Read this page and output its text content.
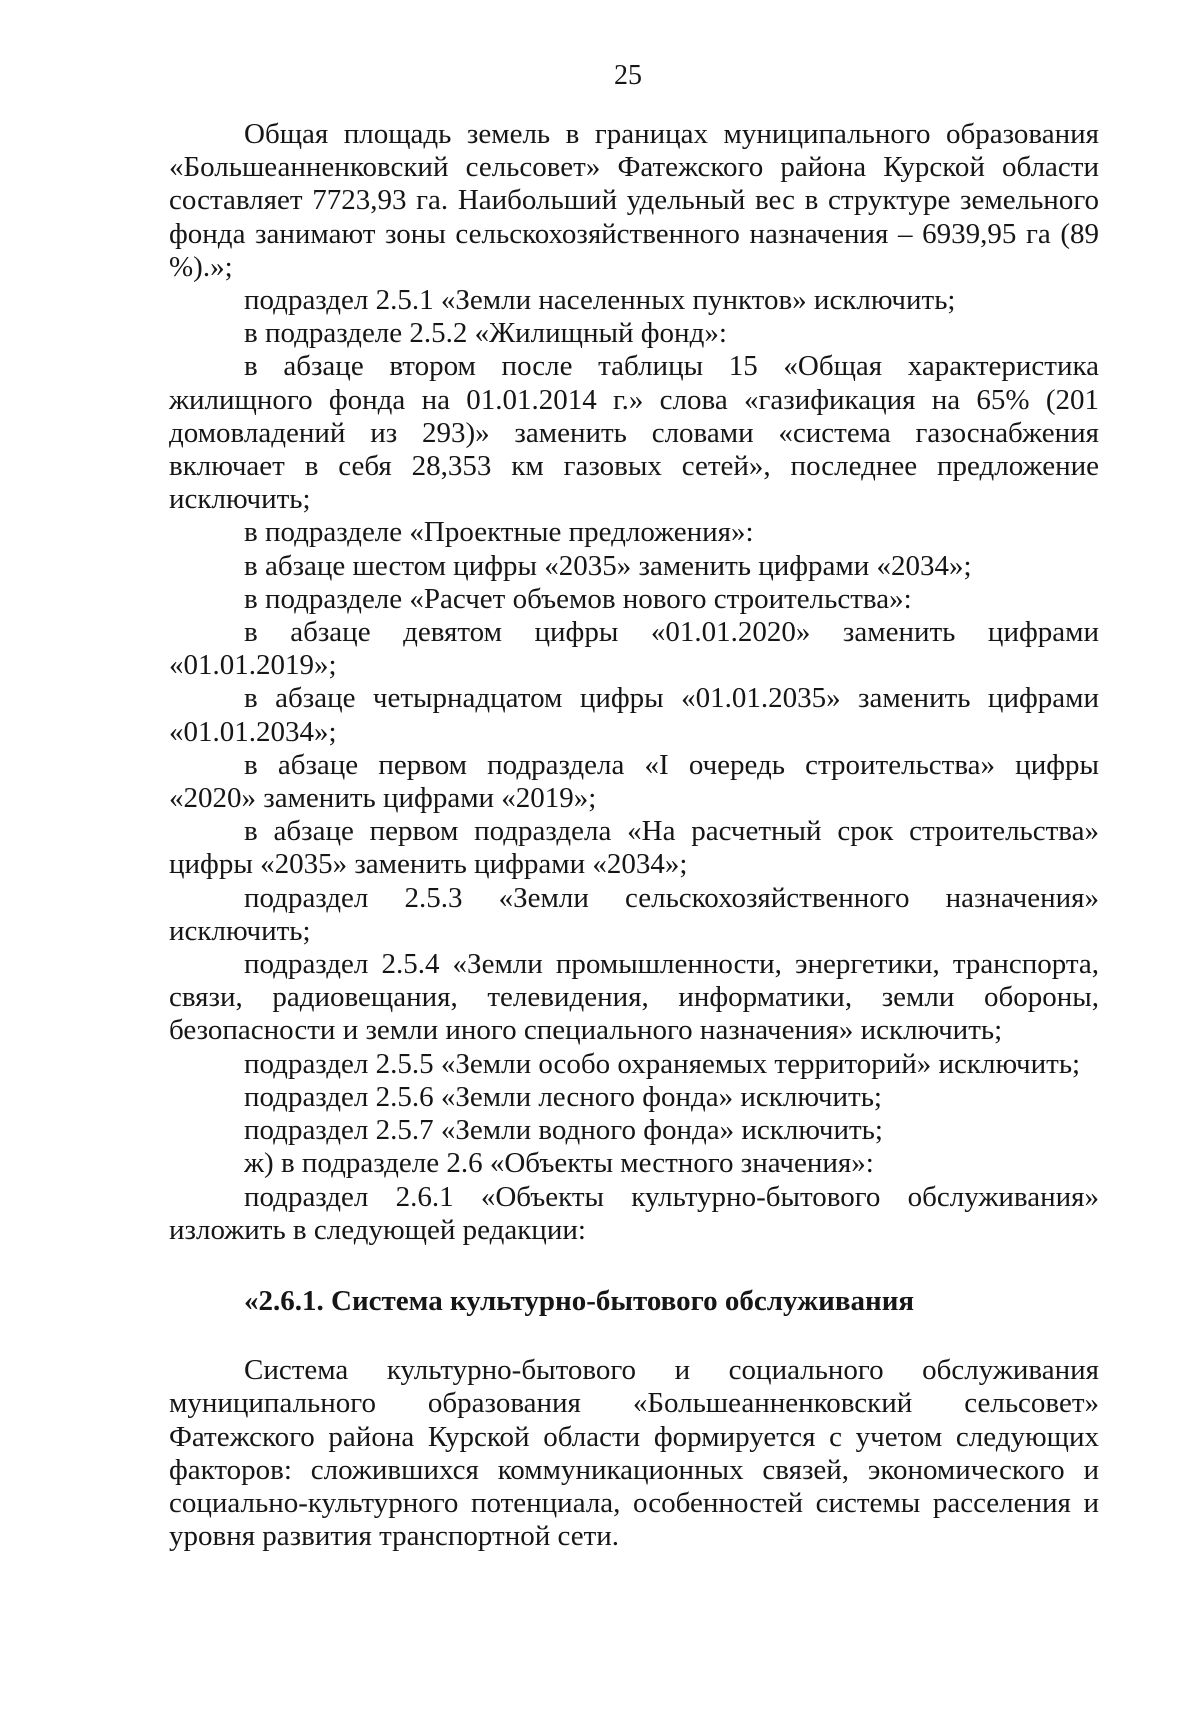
25

Общая площадь земель в границах муниципального образования «Большеанненковский сельсовет» Фатежского района Курской области составляет 7723,93 га. Наибольший удельный вес в структуре земельного фонда занимают зоны сельскохозяйственного назначения – 6939,95 га (89 %).»;

подраздел 2.5.1 «Земли населенных пунктов» исключить;

в подразделе 2.5.2 «Жилищный фонд»:

в абзаце втором после таблицы 15 «Общая характеристика жилищного фонда на 01.01.2014 г.» слова «газификация на 65% (201 домовладений из 293)» заменить словами «система газоснабжения включает в себя 28,353 км газовых сетей», последнее предложение исключить;

в подразделе «Проектные предложения»:

в абзаце шестом цифры «2035» заменить цифрами «2034»;

в подразделе «Расчет объемов нового строительства»:

в абзаце девятом цифры «01.01.2020» заменить цифрами «01.01.2019»;

в абзаце четырнадцатом цифры «01.01.2035» заменить цифрами «01.01.2034»;

в абзаце первом подраздела «I очередь строительства» цифры «2020» заменить цифрами «2019»;

в абзаце первом подраздела «На расчетный срок строительства» цифры «2035» заменить цифрами «2034»;

подраздел 2.5.3 «Земли сельскохозяйственного назначения» исключить;

подраздел 2.5.4 «Земли промышленности, энергетики, транспорта, связи, радиовещания, телевидения, информатики, земли обороны, безопасности и земли иного специального назначения» исключить;

подраздел 2.5.5 «Земли особо охраняемых территорий» исключить;

подраздел 2.5.6 «Земли лесного фонда» исключить;

подраздел 2.5.7 «Земли водного фонда» исключить;

ж) в подразделе 2.6 «Объекты местного значения»:

подраздел 2.6.1 «Объекты культурно-бытового обслуживания» изложить в следующей редакции:

«2.6.1. Система культурно-бытового обслуживания

Система культурно-бытового и социального обслуживания муниципального образования «Большеанненковский сельсовет» Фатежского района Курской области формируется с учетом следующих факторов: сложившихся коммуникационных связей, экономического и социально-культурного потенциала, особенностей системы расселения и уровня развития транспортной сети.
